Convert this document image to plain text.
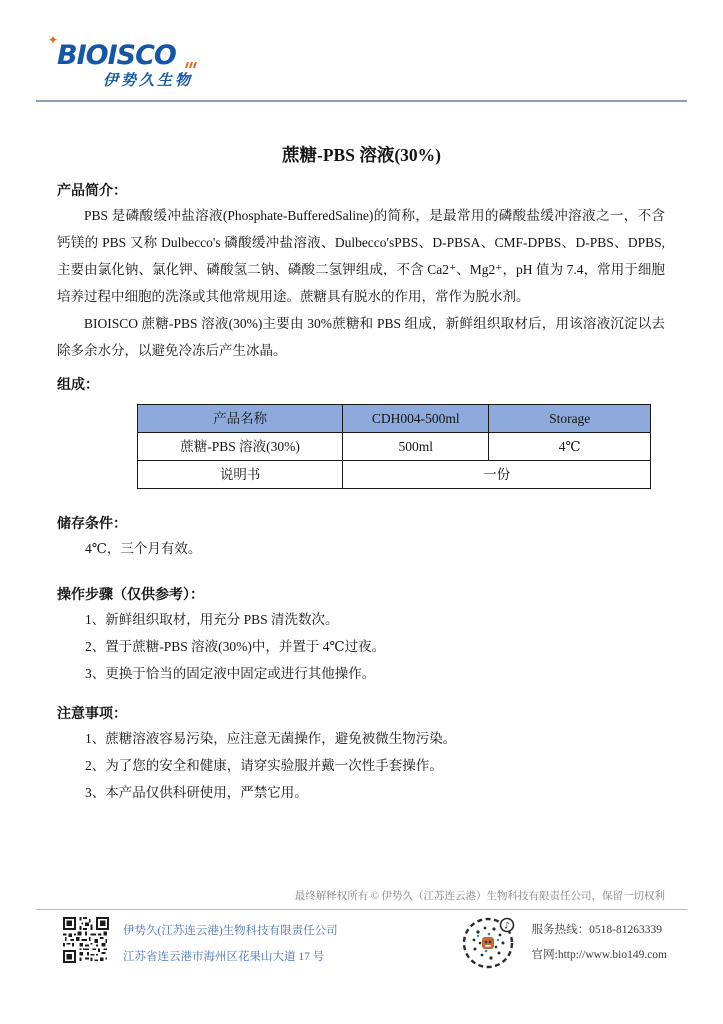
✦
BIOISCO
伊势久生物
蔗糖-PBS 溶液(30%)
产品简介：

PBS 是磷酸缓冲盐溶液(Phosphate-BufferedSaline)的简称，是最常用的磷酸盐缓冲溶液之一，不含钙镁的 PBS 又称 Dulbecco's 磷酸缓冲盐溶液、Dulbecco'sPBS、D-PBSA、CMF-DPBS、D-PBS、DPBS,主要由氯化钠、氯化钾、磷酸氢二钠、磷酸二氢钾组成，不含 Ca2⁺、Mg2⁺，pH 值为 7.4，常用于细胞培养过程中细胞的洗涤或其他常规用途。蔗糖具有脱水的作用，常作为脱水剂。

BIOISCO 蔗糖-PBS 溶液(30%)主要由 30%蔗糖和 PBS 组成，新鲜组织取材后，用该溶液沉淀以去除多余水分，以避免冷冻后产生冰晶。

组成：
产品名称	CDH004-500ml	Storage
蔗糖-PBS 溶液(30%)	500ml	4℃
说明书	一份	
储存条件：
4℃，三个月有效。
操作步骤（仅供参考）：
1、新鲜组织取材，用充分 PBS 清洗数次。
2、置于蔗糖-PBS 溶液(30%)中，并置于 4℃过夜。
3、更换于恰当的固定液中固定或进行其他操作。
注意事项：
1、蔗糖溶液容易污染，应注意无菌操作，避免被微生物污染。
2、为了您的安全和健康，请穿实验服并戴一次性手套操作。
3、本产品仅供科研使用，严禁它用。
最终解释权所有 © 伊势久（江苏连云港）生物科技有限责任公司，保留一切权利
伊势久(江苏连云港)生物科技有限责任公司
江苏省连云港市海州区花果山大道 17 号
♪ 服务热线：0518-81263339
官网:http://www.bio149.com
